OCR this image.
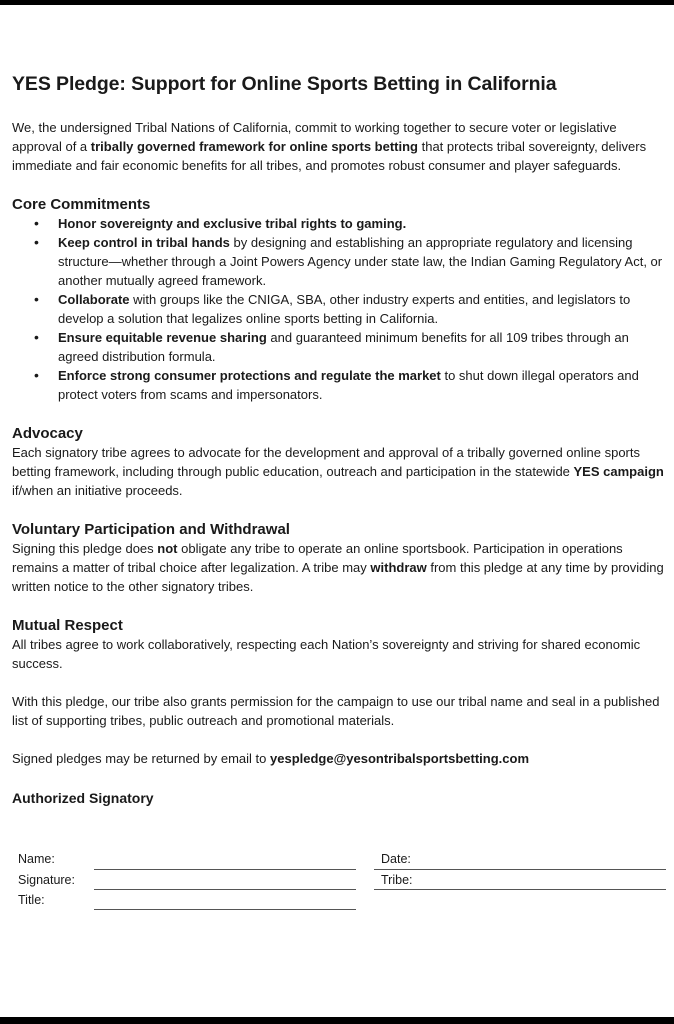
YES Pledge: Support for Online Sports Betting in California

We, the undersigned Tribal Nations of California, commit to working together to secure voter or legislative approval of a tribally governed framework for online sports betting that protects tribal sovereignty, delivers immediate and fair economic benefits for all tribes, and promotes robust consumer and player safeguards.

Core Commitments
• Honor sovereignty and exclusive tribal rights to gaming.
• Keep control in tribal hands by designing and establishing an appropriate regulatory and licensing structure—whether through a Joint Powers Agency under state law, the Indian Gaming Regulatory Act, or another mutually agreed framework.
• Collaborate with groups like the CNIGA, SBA, other industry experts and entities, and legislators to develop a solution that legalizes online sports betting in California.
• Ensure equitable revenue sharing and guaranteed minimum benefits for all 109 tribes through an agreed distribution formula.
• Enforce strong consumer protections and regulate the market to shut down illegal operators and protect voters from scams and impersonators.
Advocacy

Each signatory tribe agrees to advocate for the development and approval of a tribally governed online sports betting framework, including through public education, outreach and participation in the statewide YES campaign if/when an initiative proceeds.

Voluntary Participation and Withdrawal

Signing this pledge does not obligate any tribe to operate an online sportsbook. Participation in operations remains a matter of tribal choice after legalization. A tribe may withdraw from this pledge at any time by providing written notice to the other signatory tribes.

Mutual Respect

All tribes agree to work collaboratively, respecting each Nation’s sovereignty and striving for shared economic success.

With this pledge, our tribe also grants permission for the campaign to use our tribal name and seal in a published list of supporting tribes, public outreach and promotional materials.

Signed pledges may be returned by email to yespledge@yesontribalsportsbetting.com

Authorized Signatory
Name:
Signature:
Title:
Date:
Tribe:
